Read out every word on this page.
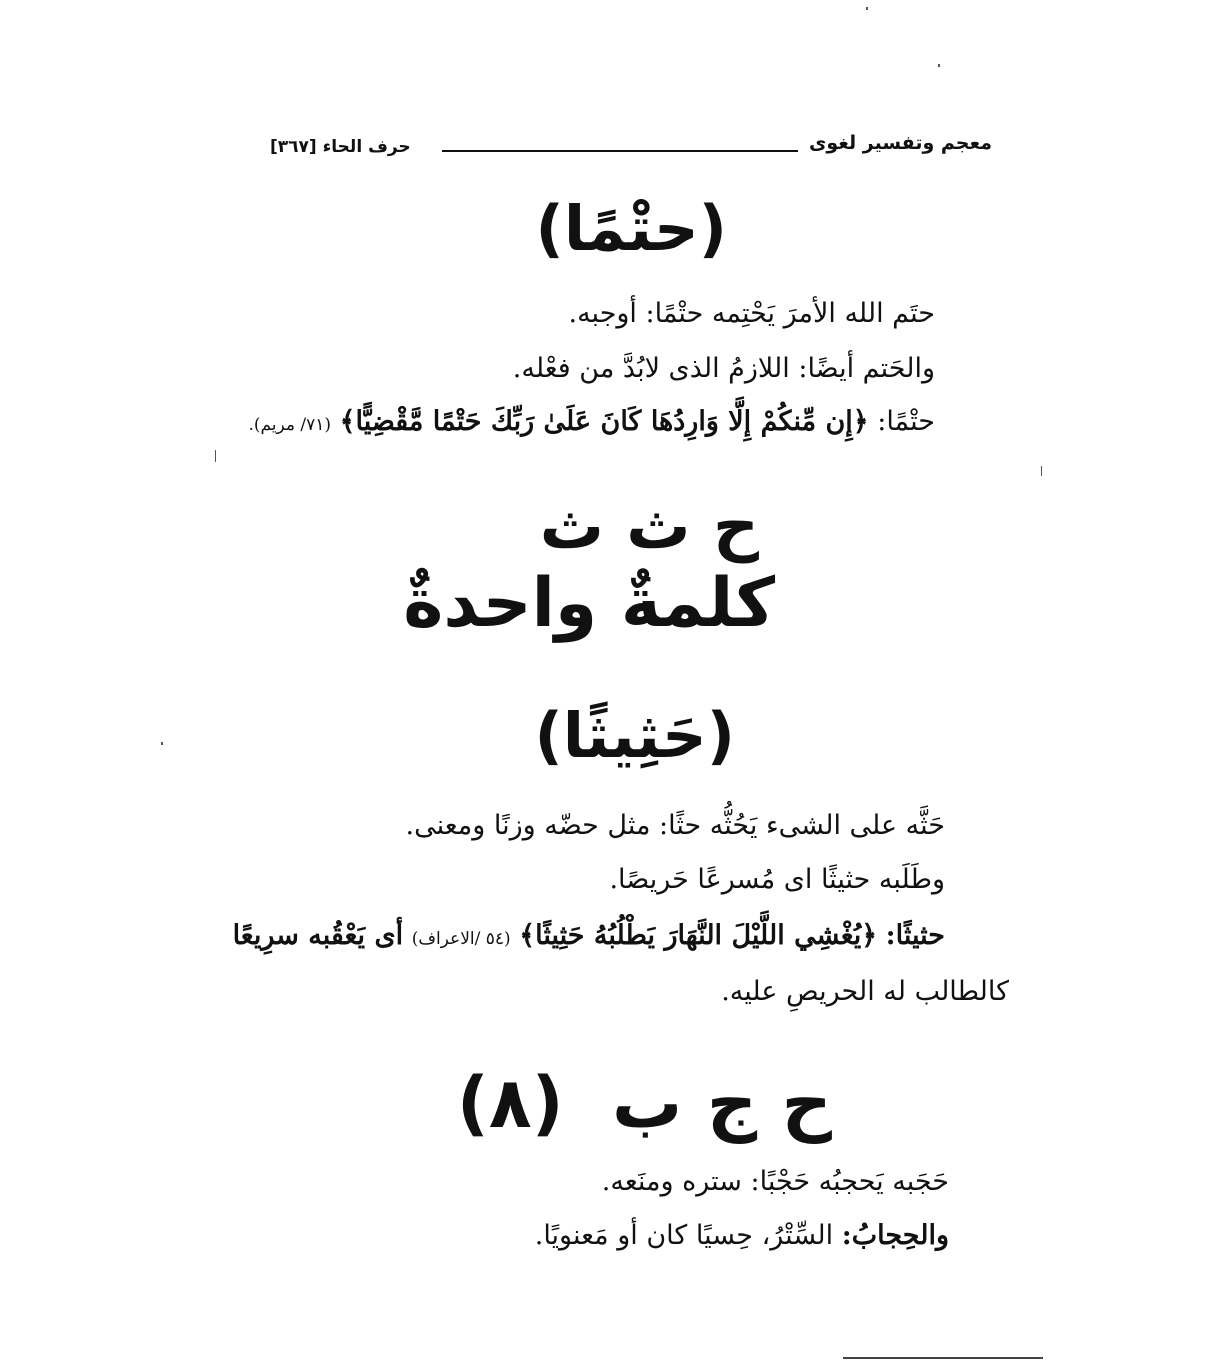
معجم وتفسير لغوى
حرف الحاء [٣٦٧]
(حتْمًا)
حتَم الله الأمرَ يَحْتِمه حتْمًا: أوجبه.
والحَتم أيضًا: اللازمُ الذى لابُدَّ من فعْله.
حتْمًا: ﴿إِن مِّنكُمْ إِلَّا وَارِدُهَا كَانَ عَلَىٰ رَبِّكَ حَتْمًا مَّقْضِيًّا﴾ (٧١/ مريم).
ح ث ث
كلمةٌ واحدةٌ
(حَثِيثًا)
حَثَّه على الشىء يَحُثُّه حثًا: مثل حضّه وزنًا ومعنى.
وطَلَبه حثيثًا اى مُسرعًا حَريصًا.
حثيثًا: ﴿يُغْشِي اللَّيْلَ النَّهَارَ يَطْلُبُهُ حَثِيثًا﴾ (٥٤ /الاعراف) أى يَعْقُبه سرِيعًا
كالطالب له الحريصِ عليه.
ح ج ب (٨)
حَجَبه يَحجبُه حَجْبًا: ستره ومنَعه.
والحِجابُ: السِّتْرُ، حِسيًا كان أو مَعنويًا.
